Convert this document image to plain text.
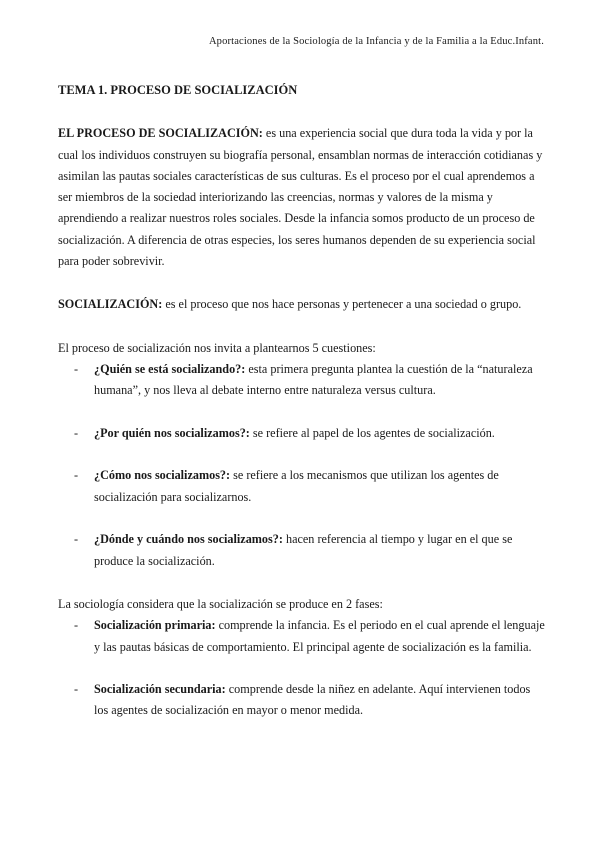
Aportaciones de la Sociología de la Infancia y de la Familia a la Educ.Infant.

TEMA 1. PROCESO DE SOCIALIZACIÓN

EL PROCESO DE SOCIALIZACIÓN: es una experiencia social que dura toda la vida y por la cual los individuos construyen su biografía personal, ensamblan normas de interacción cotidianas y asimilan las pautas sociales características de sus culturas. Es el proceso por el cual aprendemos a ser miembros de la sociedad interiorizando las creencias, normas y valores de la misma y aprendiendo a realizar nuestros roles sociales. Desde la infancia somos producto de un proceso de socialización. A diferencia de otras especies, los seres humanos dependen de su experiencia social para poder sobrevivir.

SOCIALIZACIÓN: es el proceso que nos hace personas y pertenecer a una sociedad o grupo.

El proceso de socialización nos invita a plantearnos 5 cuestiones:

- ¿Quién se está socializando?: esta primera pregunta plantea la cuestión de la “naturaleza humana”, y nos lleva al debate interno entre naturaleza versus cultura.
- ¿Por quién nos socializamos?: se refiere al papel de los agentes de socialización.
- ¿Cómo nos socializamos?: se refiere a los mecanismos que utilizan los agentes de socialización para socializarnos.
- ¿Dónde y cuándo nos socializamos?: hacen referencia al tiempo y lugar en el que se produce la socialización.

La sociología considera que la socialización se produce en 2 fases:

- Socialización primaria: comprende la infancia. Es el periodo en el cual aprende el lenguaje y las pautas básicas de comportamiento. El principal agente de socialización es la familia.
- Socialización secundaria: comprende desde la niñez en adelante. Aquí intervienen todos los agentes de socialización en mayor o menor medida.
